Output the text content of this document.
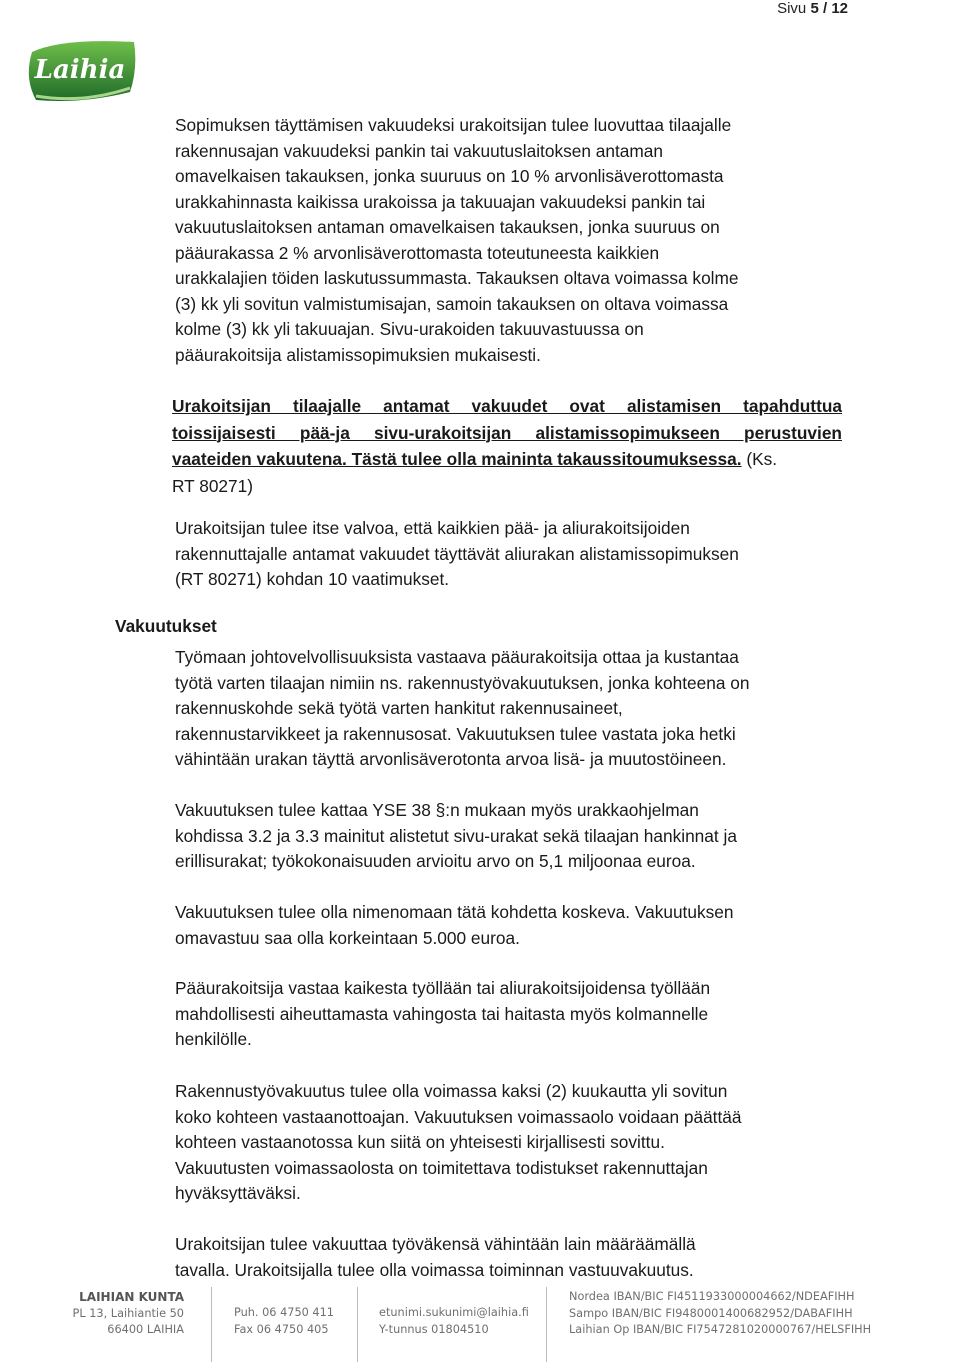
Sivu 5 / 12
Laihia
Sopimuksen täyttämisen vakuudeksi urakoitsijan tulee luovuttaa tilaajalle
rakennusajan vakuudeksi pankin tai vakuutuslaitoksen antaman
omavelkaisen takauksen, jonka suuruus on 10 % arvonlisäverottomasta
urakkahinnasta kaikissa urakoissa ja takuuajan vakuudeksi pankin tai
vakuutuslaitoksen antaman omavelkaisen takauksen, jonka suuruus on
pääurakassa 2 % arvonlisäverottomasta toteutuneesta kaikkien
urakkalajien töiden laskutussummasta. Takauksen oltava voimassa kolme
(3) kk yli sovitun valmistumisajan, samoin takauksen on oltava voimassa
kolme (3) kk yli takuuajan. Sivu-urakoiden takuuvastuussa on
pääurakoitsija alistamissopimuksien mukaisesti.
Urakoitsijan tilaajalle antamat vakuudet ovat alistamisen tapahduttua
toissijaisesti pää-ja sivu-urakoitsijan alistamissopimukseen perustuvien
vaateiden vakuutena. Tästä tulee olla maininta takaussitoumuksessa. (Ks.
RT 80271)
Urakoitsijan tulee itse valvoa, että kaikkien pää- ja aliurakoitsijoiden
rakennuttajalle antamat vakuudet täyttävät aliurakan alistamissopimuksen
(RT 80271) kohdan 10 vaatimukset.

Vakuutukset

Työmaan johtovelvollisuuksista vastaava pääurakoitsija ottaa ja kustantaa
työtä varten tilaajan nimiin ns. rakennustyövakuutuksen, jonka kohteena on
rakennuskohde sekä työtä varten hankitut rakennusaineet,
rakennustarvikkeet ja rakennusosat. Vakuutuksen tulee vastata joka hetki
vähintään urakan täyttä arvonlisäverotonta arvoa lisä- ja muutostöineen.
Vakuutuksen tulee kattaa YSE 38 §:n mukaan myös urakkaohjelman
kohdissa 3.2 ja 3.3 mainitut alistetut sivu-urakat sekä tilaajan hankinnat ja
erillisurakat; työkokonaisuuden arvioitu arvo on 5,1 miljoonaa euroa.
Vakuutuksen tulee olla nimenomaan tätä kohdetta koskeva. Vakuutuksen
omavastuu saa olla korkeintaan 5.000 euroa.
Pääurakoitsija vastaa kaikesta työllään tai aliurakoitsijoidensa työllään
mahdollisesti aiheuttamasta vahingosta tai haitasta myös kolmannelle
henkilölle.
Rakennustyövakuutus tulee olla voimassa kaksi (2) kuukautta yli sovitun
koko kohteen vastaanottoajan. Vakuutuksen voimassaolo voidaan päättää
kohteen vastaanotossa kun siitä on yhteisesti kirjallisesti sovittu.
Vakuutusten voimassaolosta on toimitettava todistukset rakennuttajan
hyväksyttäväksi.
Urakoitsijan tulee vakuuttaa työväkensä vähintään lain määräämällä
tavalla. Urakoitsijalla tulee olla voimassa toiminnan vastuuvakuutus.
LAIHIAN KUNTA
PL 13, Laihiantie 50
66400 LAIHIA
Puh. 06 4750 411
Fax 06 4750 405
etunimi.sukunimi@laihia.fi
Y-tunnus 01804510
Nordea IBAN/BIC FI4511933000004662/NDEAFIHH
Sampo IBAN/BIC FI9480001400682952/DABAFIHH
Laihian Op IBAN/BIC FI7547281020000767/HELSFIHH
